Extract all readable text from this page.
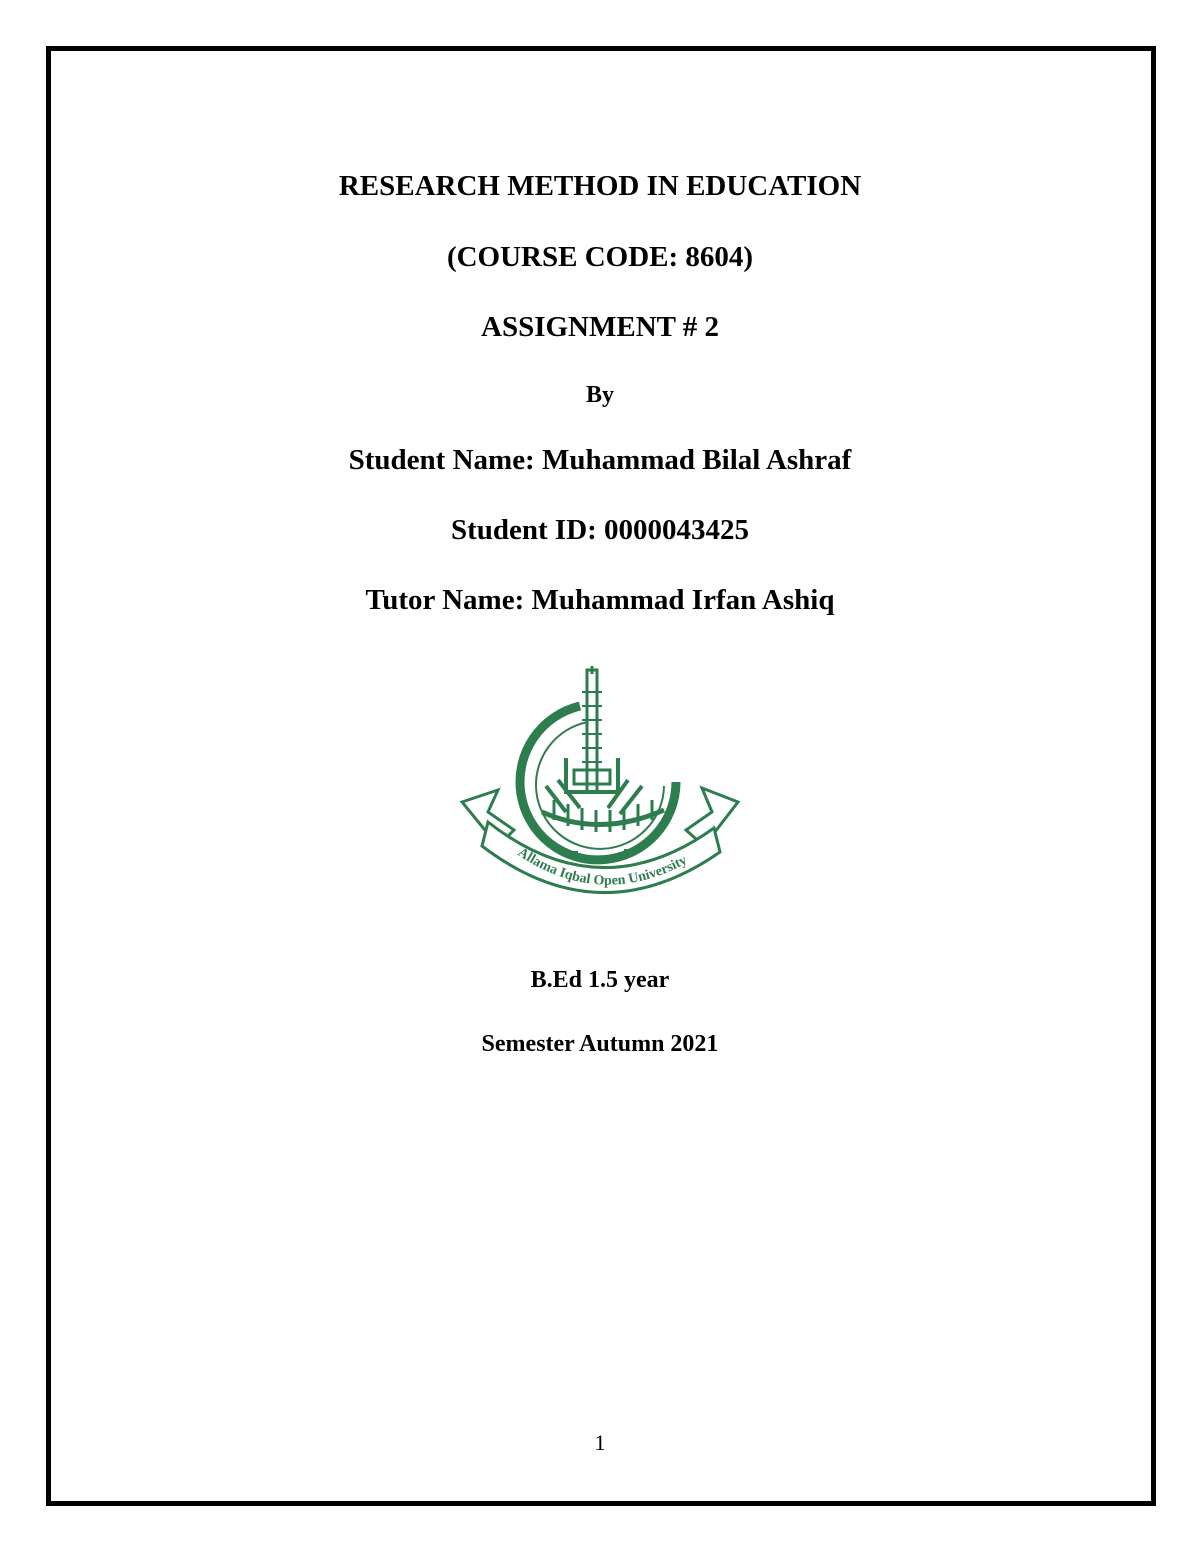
RESEARCH METHOD IN EDUCATION
(COURSE CODE: 8604)
ASSIGNMENT # 2
By
Student Name: Muhammad Bilal Ashraf
Student ID: 0000043425
Tutor Name: Muhammad Irfan Ashiq
Allama Iqbal Open University
B.Ed 1.5 year
Semester Autumn 2021
1
